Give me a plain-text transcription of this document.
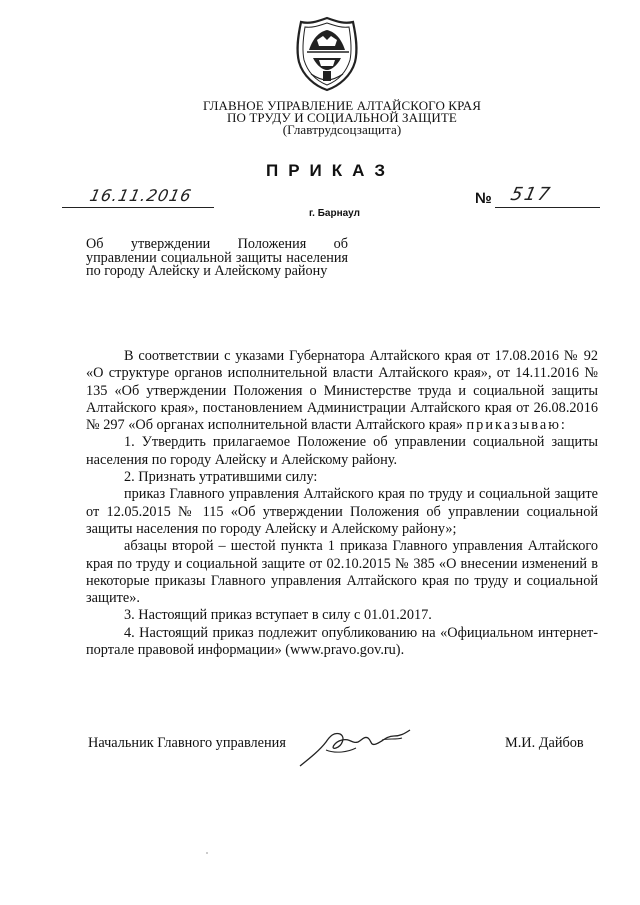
ГЛАВНОЕ УПРАВЛЕНИЕ АЛТАЙСКОГО КРАЯ
ПО ТРУДУ И СОЦИАЛЬНОЙ ЗАЩИТЕ
(Главтрудсоцзащита)
ПРИКАЗ
16.11.2016	№ 517
г. Барнаул
Об утверждении Положения об управлении социальной защиты населения по городу Алейску и Алейскому району

В соответствии с указами Губернатора Алтайского края от 17.08.2016 № 92 «О структуре органов исполнительной власти Алтайского края», от 14.11.2016 № 135 «Об утверждении Положения о Министерстве труда и социальной защиты Алтайского края», постановлением Администрации Алтайского края от 26.08.2016 № 297 «Об органах исполнительной власти Алтайского края» приказываю:

1. Утвердить прилагаемое Положение об управлении социальной защиты населения по городу Алейску и Алейскому району.

2. Признать утратившими силу:

приказ Главного управления Алтайского края по труду и социальной защите от 12.05.2015 № 115 «Об утверждении Положения об управлении социальной защиты населения по городу Алейску и Алейскому району»;

абзацы второй – шестой пункта 1 приказа Главного управления Алтайского края по труду и социальной защите от 02.10.2015 № 385 «О внесении изменений в некоторые приказы Главного управления Алтайского края по труду и социальной защите».

3. Настоящий приказ вступает в силу с 01.01.2017.

4. Настоящий приказ подлежит опубликованию на «Официальном интернет-портале правовой информации» (www.pravo.gov.ru).

Начальник Главного управления	М.И. Дайбов
